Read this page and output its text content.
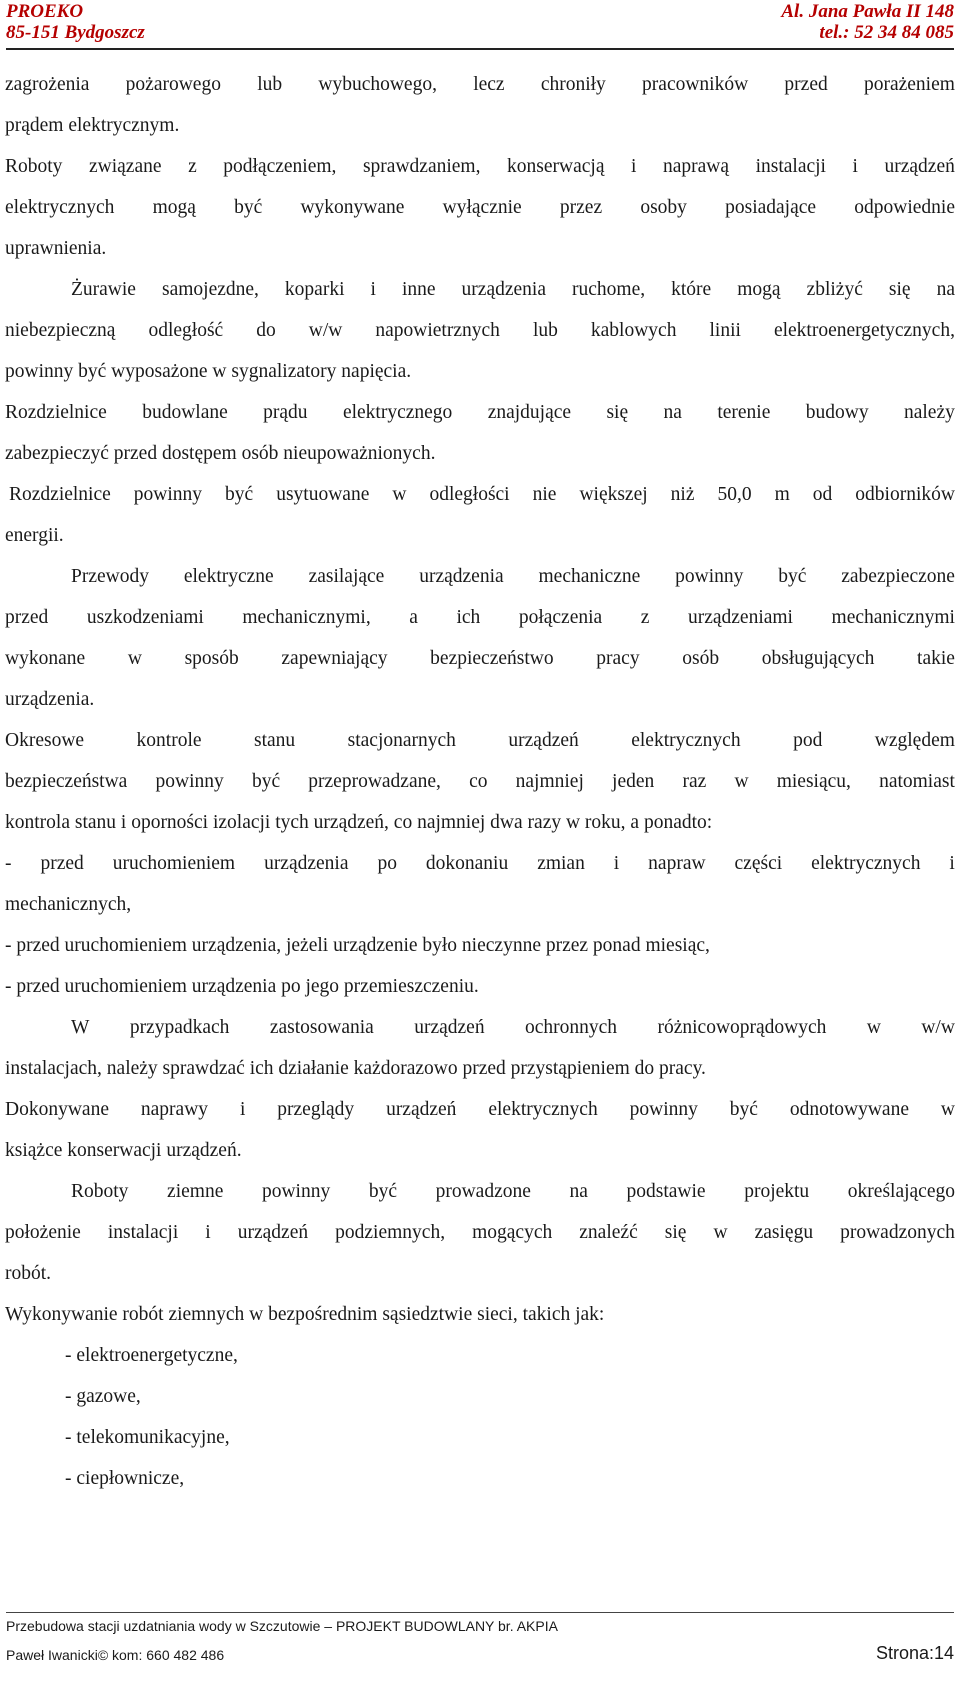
PROEKO
85-151 Bydgoszcz
Al. Jana Pawła II 148
tel.: 52 34 84 085
zagrożenia pożarowego lub wybuchowego, lecz chroniły pracowników przed porażeniem
prądem elektrycznym.
Roboty związane z podłączeniem, sprawdzaniem, konserwacją i naprawą instalacji i urządzeń
elektrycznych mogą być wykonywane wyłącznie przez osoby posiadające odpowiednie
uprawnienia.
Żurawie samojezdne, koparki i inne urządzenia ruchome, które mogą zbliżyć się na
niebezpieczną odległość do w/w napowietrznych lub kablowych linii elektroenergetycznych,
powinny być wyposażone w sygnalizatory napięcia.
Rozdzielnice budowlane prądu elektrycznego znajdujące się na terenie budowy należy
zabezpieczyć przed dostępem osób nieupoważnionych.
Rozdzielnice powinny być usytuowane w odległości nie większej niż 50,0 m od odbiorników
energii.
Przewody elektryczne zasilające urządzenia mechaniczne powinny być zabezpieczone
przed uszkodzeniami mechanicznymi, a ich połączenia z urządzeniami mechanicznymi
wykonane w sposób zapewniający bezpieczeństwo pracy osób obsługujących takie
urządzenia.
Okresowe	kontrole	stanu	stacjonarnych	urządzeń	elektrycznych	pod	względem
bezpieczeństwa powinny być przeprowadzane, co najmniej jeden raz w miesiącu, natomiast
kontrola stanu i oporności izolacji tych urządzeń, co najmniej dwa razy w roku, a ponadto:
- przed uruchomieniem urządzenia po dokonaniu zmian i napraw części elektrycznych i
mechanicznych,
- przed uruchomieniem urządzenia, jeżeli urządzenie było nieczynne przez ponad miesiąc,
- przed uruchomieniem urządzenia po jego przemieszczeniu.
W przypadkach zastosowania urządzeń ochronnych różnicowoprądowych w w/w
instalacjach, należy sprawdzać ich działanie każdorazowo przed przystąpieniem do pracy.
Dokonywane naprawy i przeglądy urządzeń elektrycznych powinny być odnotowywane w
książce konserwacji urządzeń.
Roboty ziemne powinny być prowadzone na podstawie projektu określającego
położenie instalacji i urządzeń podziemnych, mogących znaleźć się w zasięgu prowadzonych
robót.
Wykonywanie robót ziemnych w bezpośrednim sąsiedztwie sieci, takich jak:
- elektroenergetyczne,
- gazowe,
- telekomunikacyjne,
- ciepłownicze,
Przebudowa stacji uzdatniania wody w Szczutowie – PROJEKT BUDOWLANY br. AKPIA
Paweł Iwanicki© kom: 660 482 486	Strona:14
